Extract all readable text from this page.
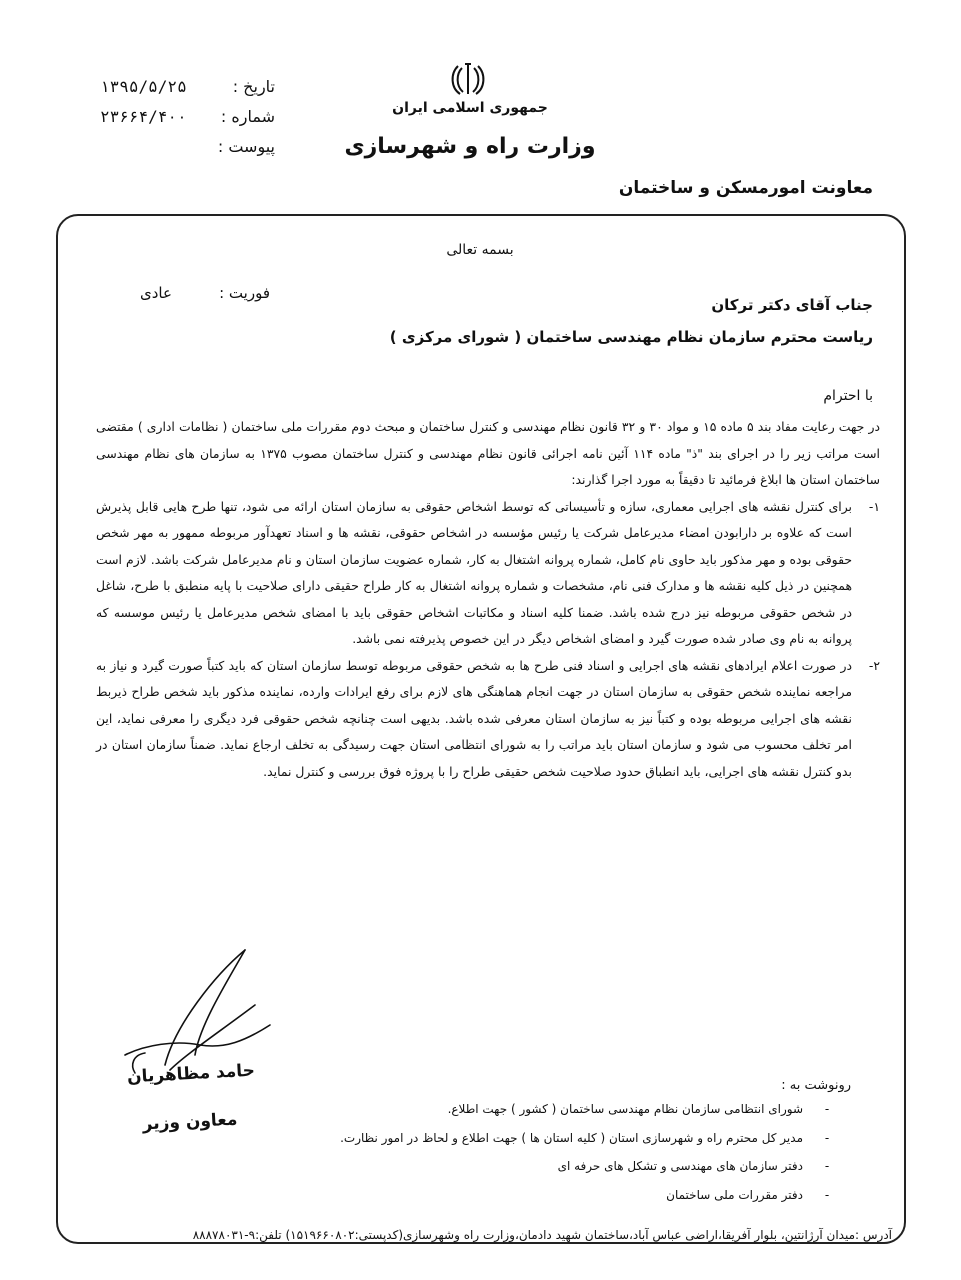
تاریخ :
۱۳۹۵/۵/۲۵
شماره :
۲۳۶۶۴/۴۰۰
پیوست :
جمهوری اسلامی ایران
وزارت راه و شهرسازی
معاونت امورمسکن و ساختمان
بسمه تعالی
فوریت :
عادی
جناب آقای دکتر ترکان
ریاست محترم سازمان نظام مهندسی ساختمان ( شورای مرکزی )
با احترام

در جهت رعایت مفاد بند ۵ ماده ۱۵ و مواد ۳۰ و ۳۲ قانون نظام مهندسی و کنترل ساختمان و مبحث دوم مقررات ملی ساختمان ( نظامات اداری ) مقتضی است مراتب زیر را در اجرای بند "ذ" ماده ۱۱۴ آئین نامه اجرائی قانون نظام مهندسی و کنترل ساختمان مصوب ۱۳۷۵ به سازمان های نظام مهندسی ساختمان استان ها ابلاغ فرمائید تا دقیقاً به مورد اجرا گذارند:

۱-
برای کنترل نقشه های اجرایی معماری، سازه و تأسیساتی که توسط اشخاص حقوقی به سازمان استان ارائه می شود، تنها طرح هایی قابل پذیرش است که علاوه بر دارابودن امضاء مدیرعامل شرکت یا رئیس مؤسسه در اشخاص حقوقی، نقشه ها و اسناد تعهدآور مربوطه ممهور به مهر شخص حقوقی بوده و مهر مذکور باید حاوی نام کامل، شماره پروانه اشتغال به کار، شماره عضویت سازمان استان و نام مدیرعامل شرکت باشد. لازم است همچنین در ذیل کلیه نقشه ها و مدارک فنی نام، مشخصات و شماره پروانه اشتغال به کار طراح حقیقی دارای صلاحیت با پایه منطبق با طرح، شاغل در شخص حقوقی مربوطه نیز درج شده باشد. ضمنا کلیه اسناد و مکاتبات اشخاص حقوقی باید با امضای شخص مدیرعامل یا رئیس موسسه که پروانه به نام وی صادر شده صورت گیرد و امضای اشخاص دیگر در این خصوص پذیرفته نمی باشد.
۲-
در صورت اعلام ایرادهای نقشه های اجرایی و اسناد فنی طرح ها به شخص حقوقی مربوطه توسط سازمان استان که باید کتباً صورت گیرد و نیاز به مراجعه نماینده شخص حقوقی به سازمان استان در جهت انجام هماهنگی های لازم برای رفع ایرادات وارده، نماینده مذکور باید شخص طراح ذیربط نقشه های اجرایی مربوطه بوده و کتباً نیز به سازمان استان معرفی شده باشد. بدیهی است چنانچه شخص حقوقی فرد دیگری را معرفی نماید، این امر تخلف محسوب می شود و سازمان استان باید مراتب را به شورای انتظامی استان جهت رسیدگی به تخلف ارجاع نماید. ضمناً سازمان استان در بدو کنترل نقشه های اجرایی، باید انطباق حدود صلاحیت شخص حقیقی طراح را با پروژه فوق بررسی و کنترل نماید.
حامد مظاهریان
معاون وزیر
رونوشت به :
شورای انتظامی سازمان نظام مهندسی ساختمان ( کشور ) جهت اطلاع.	-
مدیر کل محترم راه و شهرسازی استان ( کلیه استان ها ) جهت اطلاع و لحاظ در امور نظارت.	-
دفتر سازمان های مهندسی و تشکل های حرفه ای	-
دفتر مقررات ملی ساختمان	-
آدرس :میدان آرژانتین، بلوار آفریقا،اراضی عباس آباد،ساختمان شهید دادمان،وزارت راه وشهرسازی(کدپستی:۱۵۱۹۶۶۰۸۰۲) تلفن:۹-۸۸۸۷۸۰۳۱
